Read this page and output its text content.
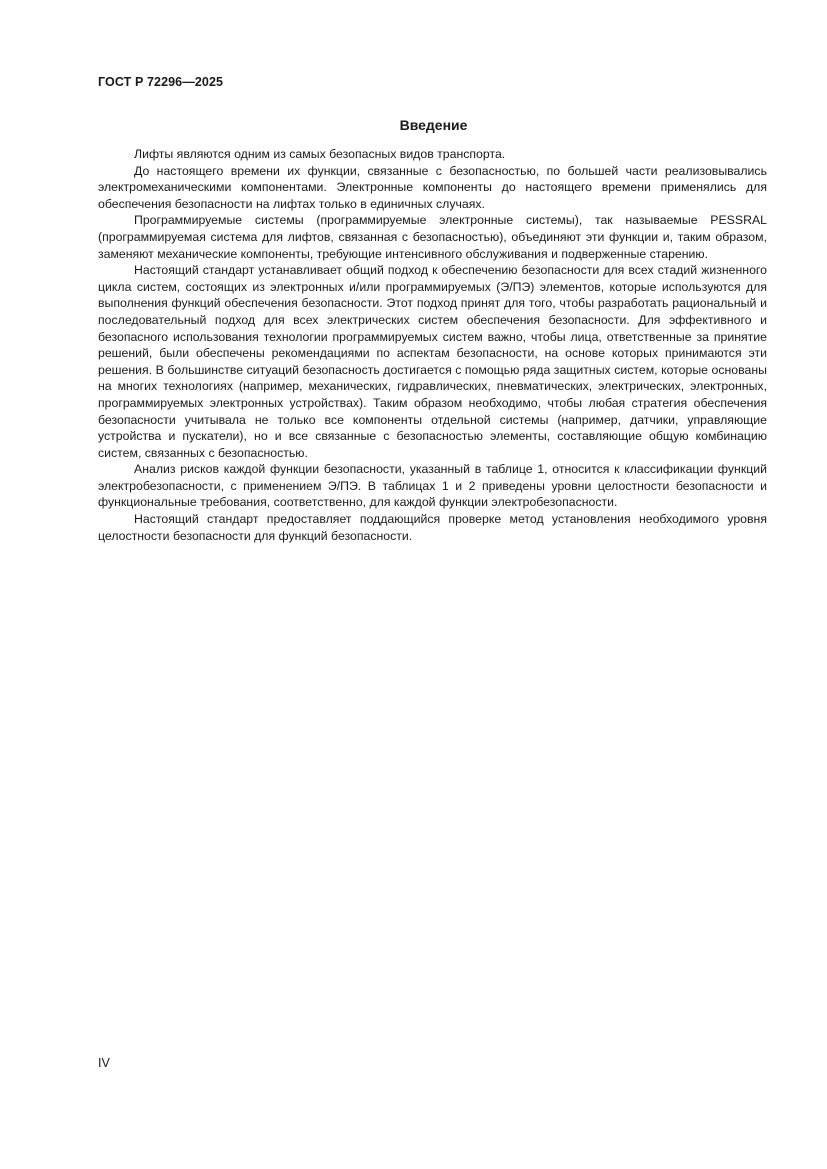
ГОСТ Р 72296—2025
Введение

Лифты являются одним из самых безопасных видов транспорта.

До настоящего времени их функции, связанные с безопасностью, по большей части реализовывались электромеханическими компонентами. Электронные компоненты до настоящего времени применялись для обеспечения безопасности на лифтах только в единичных случаях.

Программируемые системы (программируемые электронные системы), так называемые PESSRAL (программируемая система для лифтов, связанная с безопасностью), объединяют эти функции и, таким образом, заменяют механические компоненты, требующие интенсивного обслуживания и подверженные старению.

Настоящий стандарт устанавливает общий подход к обеспечению безопасности для всех стадий жизненного цикла систем, состоящих из электронных и/или программируемых (Э/ПЭ) элементов, которые используются для выполнения функций обеспечения безопасности. Этот подход принят для того, чтобы разработать рациональный и последовательный подход для всех электрических систем обеспечения безопасности. Для эффективного и безопасного использования технологии программируемых систем важно, чтобы лица, ответственные за принятие решений, были обеспечены рекомендациями по аспектам безопасности, на основе которых принимаются эти решения. В большинстве ситуаций безопасность достигается с помощью ряда защитных систем, которые основаны на многих технологиях (например, механических, гидравлических, пневматических, электрических, электронных, программируемых электронных устройствах). Таким образом необходимо, чтобы любая стратегия обеспечения безопасности учитывала не только все компоненты отдельной системы (например, датчики, управляющие устройства и пускатели), но и все связанные с безопасностью элементы, составляющие общую комбинацию систем, связанных с безопасностью.

Анализ рисков каждой функции безопасности, указанный в таблице 1, относится к классификации функций электробезопасности, с применением Э/ПЭ. В таблицах 1 и 2 приведены уровни целостности безопасности и функциональные требования, соответственно, для каждой функции электробезопасности.

Настоящий стандарт предоставляет поддающийся проверке метод установления необходимого уровня целостности безопасности для функций безопасности.

IV
